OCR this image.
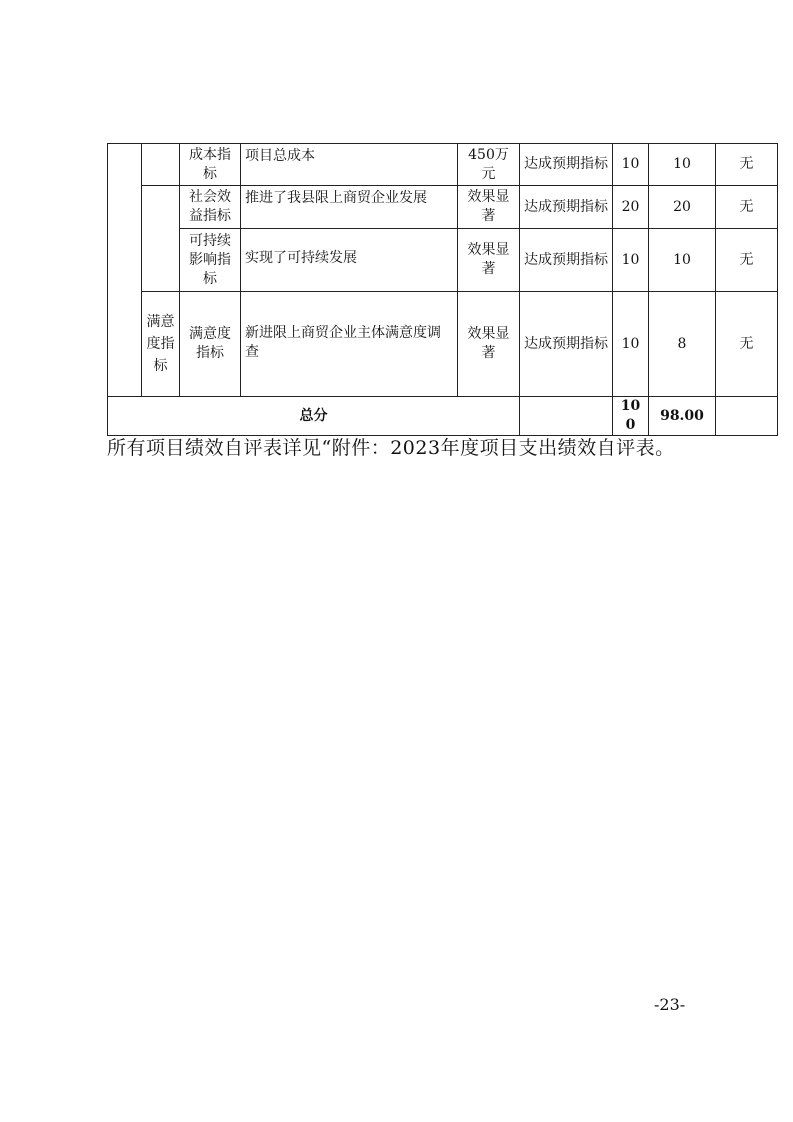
		成本指标	项目总成本	450万元	达成预期指标	10	10	无
		社会效益指标	推进了我县限上商贸企业发展	效果显著	达成预期指标	20	20	无
		可持续影响指标	实现了可持续发展	效果显著	达成预期指标	10	10	无
	满意度指标	满意度指标	新进限上商贸企业主体满意度调查	效果显著	达成预期指标	10	8	无
总分						100	98.00	
所有项目绩效自评表详见“附件：2023年度项目支出绩效自评表。
-23-
